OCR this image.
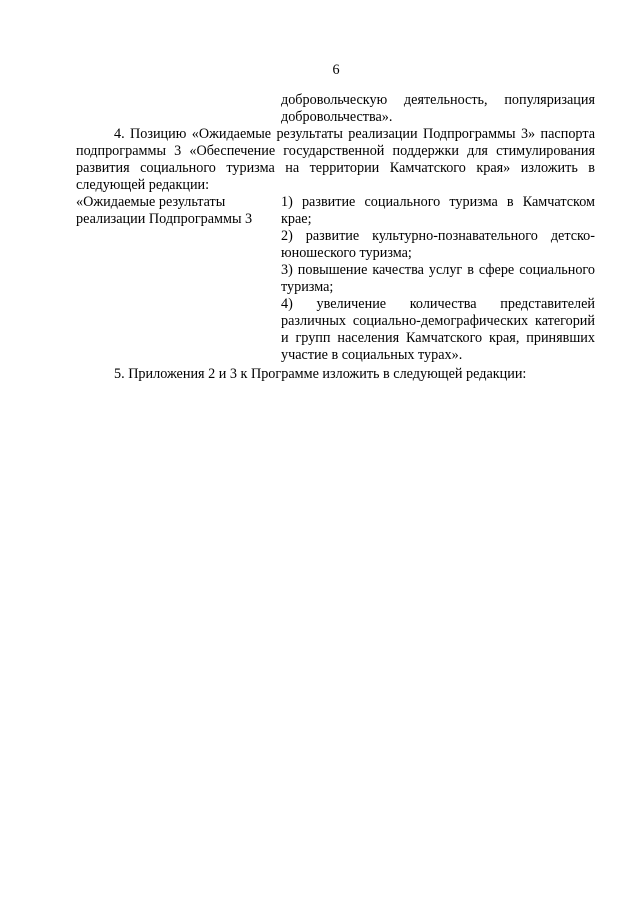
6
добровольческую деятельность, популяризация добровольчества».
4. Позицию «Ожидаемые результаты реализации Подпрограммы 3» паспорта подпрограммы 3 «Обеспечение государственной поддержки для стимулирования развития социального туризма на территории Камчатского края» изложить в следующей редакции:
«Ожидаемые результаты реализации Подпрограммы 3
1) развитие социального туризма в Камчатском крае;
2) развитие культурно-познавательного детско-юношеского туризма;
3) повышение качества услуг в сфере социального туризма;
4) увеличение количества представителей различных социально-демографических категорий и групп населения Камчатского края, принявших участие в социальных турах».
5. Приложения 2 и 3 к Программе изложить в следующей редакции:
